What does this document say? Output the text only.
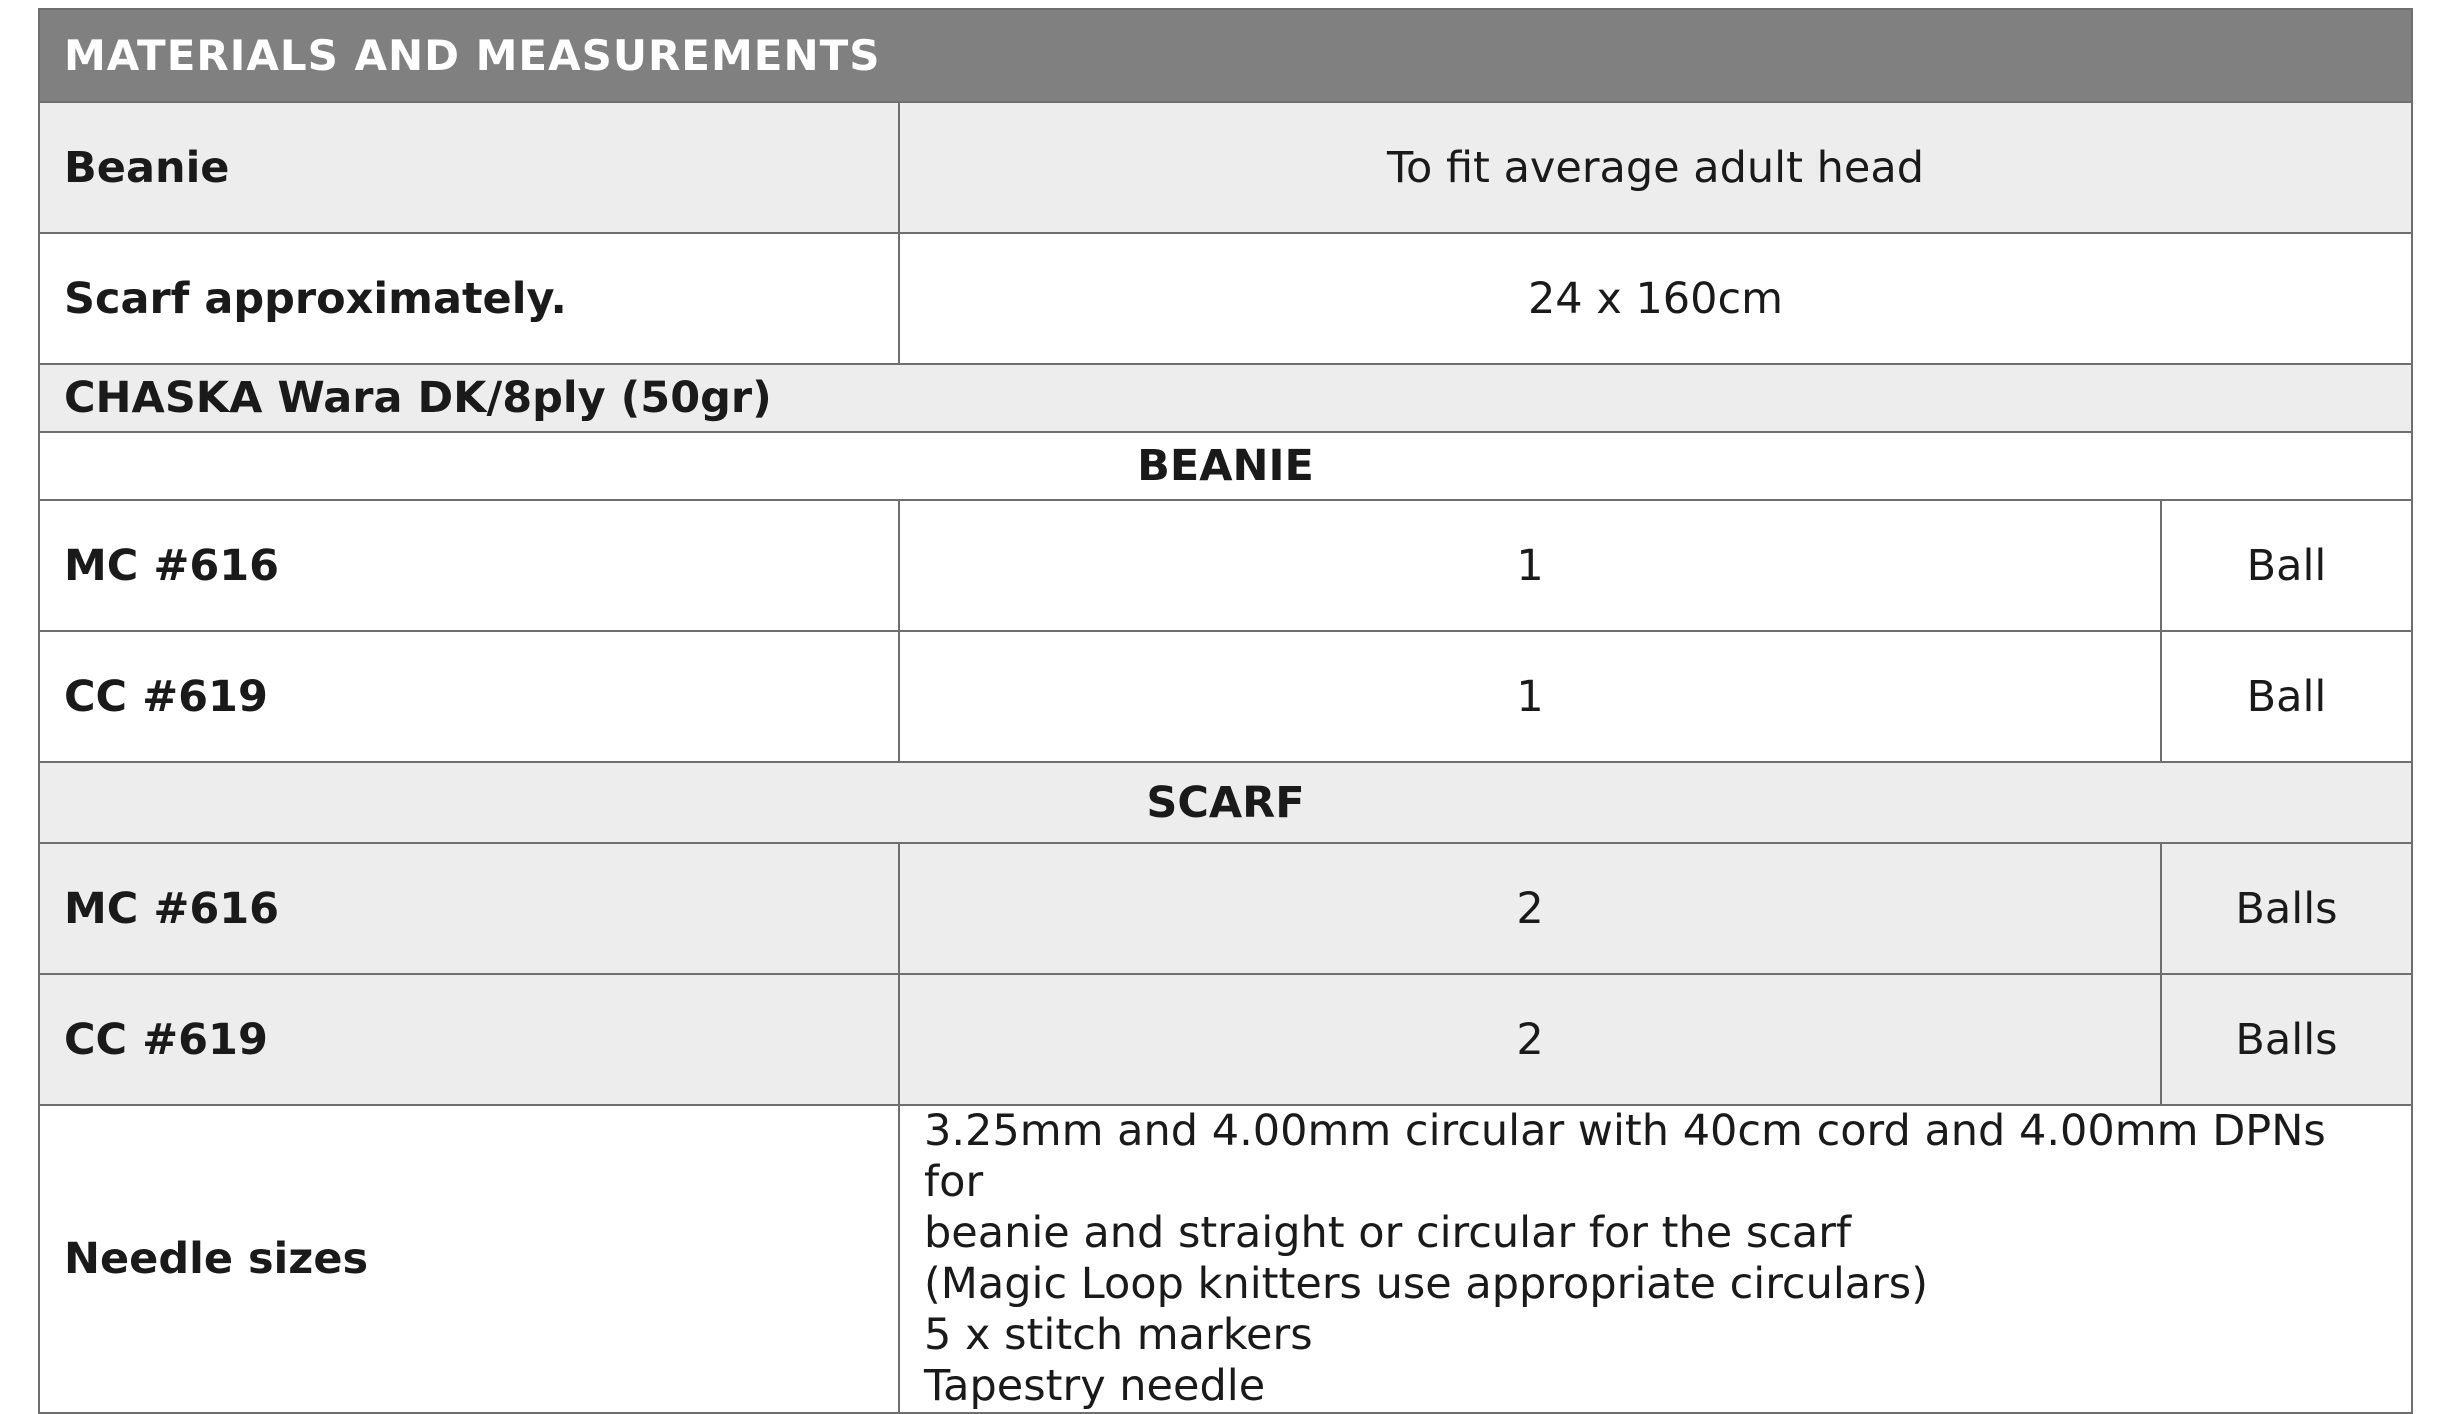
MATERIALS AND MEASUREMENTS		
Beanie	To fit average adult head	
Scarf approximately.	24 x 160cm	
CHASKA Wara DK/8ply (50gr)		
BEANIE		
MC #616	1	Ball
CC #619	1	Ball
SCARF		
MC #616	2	Balls
CC #619	2	Balls
Needle sizes	3.25mm and 4.00mm circular with 40cm cord and 4.00mm DPNs for
beanie and straight or circular for the scarf
(Magic Loop knitters use appropriate circulars)
5 x stitch markers
Tapestry needle	
